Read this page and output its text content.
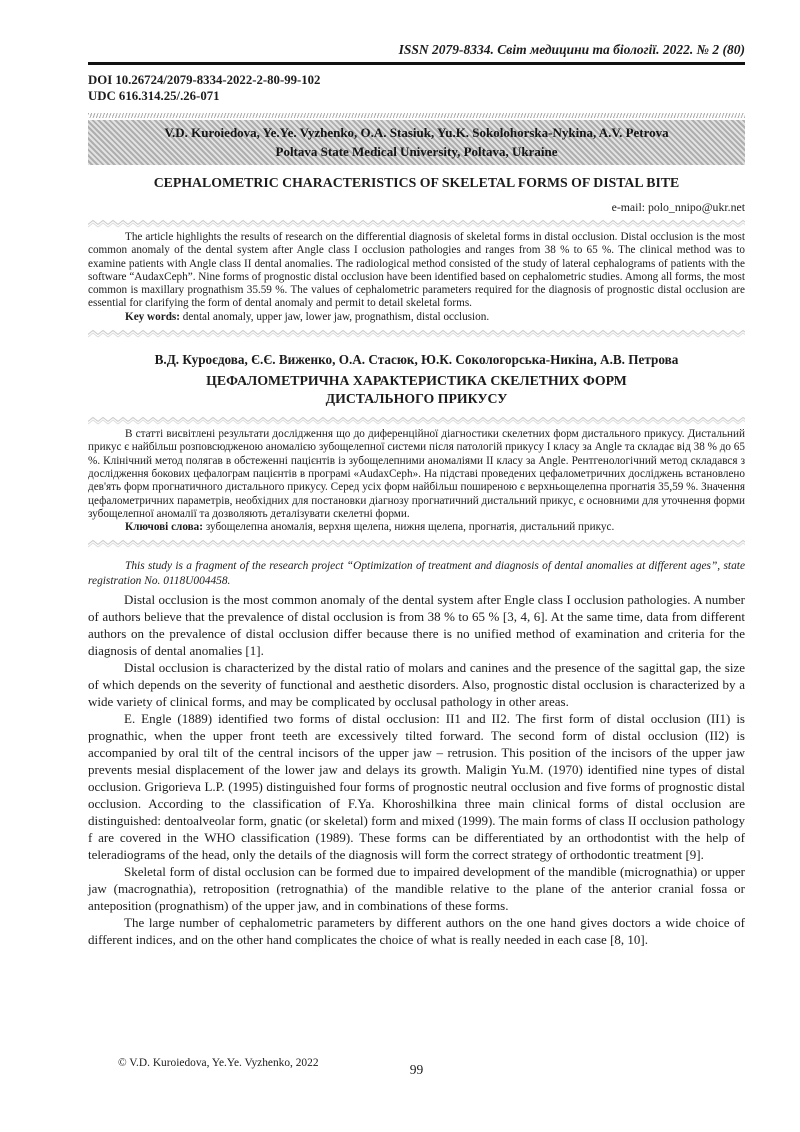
ISSN 2079-8334. Світ медицини та біології. 2022. № 2 (80)
DOI 10.26724/2079-8334-2022-2-80-99-102
UDC 616.314.25/.26-071
V.D. Kuroiedova, Ye.Ye. Vyzhenko, O.A. Stasiuk, Yu.K. Sokolohorska-Nykina, A.V. Petrova
Poltava State Medical University, Poltava, Ukraine
CEPHALOMETRIC CHARACTERISTICS OF SKELETAL FORMS OF DISTAL BITE
e-mail: polo_nnipo@ukr.net

The article highlights the results of research on the differential diagnosis of skeletal forms in distal occlusion. Distal occlusion is the most common anomaly of the dental system after Angle class I occlusion pathologies and ranges from 38 % to 65 %. The clinical method was to examine patients with Angle class II dental anomalies. The radiological method consisted of the study of lateral cephalograms of patients with the software “AudaxCeph”. Nine forms of prognostic distal occlusion have been identified based on cephalometric studies. Among all forms, the most common is maxillary prognathism 35.59 %. The values of cephalometric parameters required for the diagnosis of prognostic distal occlusion are essential for clarifying the form of dental anomaly and permit to detail skeletal forms.

Key words: dental anomaly, upper jaw, lower jaw, prognathism, distal occlusion.

В.Д. Куроєдова, Є.Є. Виженко, О.А. Стасюк, Ю.К. Сокологорська-Никіна, А.В. Петрова
ЦЕФАЛОМЕТРИЧНА ХАРАКТЕРИСТИКА СКЕЛЕТНИХ ФОРМ
ДИСТАЛЬНОГО ПРИКУСУ

В статті висвітлені результати дослідження що до диференційної діагностики скелетних форм дистального прикусу. Дистальний прикус є найбільш розповсюдженою аномалією зубощелепної системи після патологій прикусу I класу за Angle та складає від 38 % до 65 %. Клінічний метод полягав в обстеженні пацієнтів із зубощелепними аномаліями II класу за Angle. Рентгенологічний метод складався з дослідження бокових цефалограм пацієнтів в програмі «AudaxCeph». На підставі проведених цефалометричних досліджень встановлено дев'ять форм прогнатичного дистального прикусу. Серед усіх форм найбільш поширеною є верхньощелепна прогнатія 35,59 %. Значення цефалометричних параметрів, необхідних для постановки діагнозу прогнатичний дистальний прикус, є основними для уточнення форми зубощелепної аномалії та дозволяють деталізувати скелетні форми.

Ключові слова: зубощелепна аномалія, верхня щелепа, нижня щелепа, прогнатія, дистальний прикус.

This study is a fragment of the research project “Optimization of treatment and diagnosis of dental anomalies at different ages”, state registration No. 0118U004458.

Distal occlusion is the most common anomaly of the dental system after Engle class I occlusion pathologies. A number of authors believe that the prevalence of distal occlusion is from 38 % to 65 % [3, 4, 6]. At the same time, data from different authors on the prevalence of distal occlusion differ because there is no unified method of examination and criteria for the diagnosis of dental anomalies [1].

Distal occlusion is characterized by the distal ratio of molars and canines and the presence of the sagittal gap, the size of which depends on the severity of functional and aesthetic disorders. Also, prognostic distal occlusion is characterized by a wide variety of clinical forms, and may be complicated by occlusal pathology in other areas.

E. Engle (1889) identified two forms of distal occlusion: II1 and II2. The first form of distal occlusion (II1) is prognathic, when the upper front teeth are excessively tilted forward. The second form of distal occlusion (II2) is accompanied by oral tilt of the central incisors of the upper jaw – retrusion. This position of the incisors of the upper jaw prevents mesial displacement of the lower jaw and delays its growth. Maligin Yu.M. (1970) identified nine types of distal occlusion. Grigorieva L.P. (1995) distinguished four forms of prognostic neutral occlusion and five forms of prognostic distal occlusion. According to the classification of F.Ya. Khoroshilkina three main clinical forms of distal occlusion are distinguished: dentoalveolar form, gnatic (or skeletal) form and mixed (1999). The main forms of class II occlusion pathology f are covered in the WHO classification (1989). These forms can be differentiated by an orthodontist with the help of teleradiograms of the head, only the details of the diagnosis will form the correct strategy of orthodontic treatment [9].

Skeletal form of distal occlusion can be formed due to impaired development of the mandible (micrognathia) or upper jaw (macrognathia), retroposition (retrognathia) of the mandible relative to the plane of the anterior cranial fossa or anteposition (prognathism) of the upper jaw, and in combinations of these forms.

The large number of cephalometric parameters by different authors on the one hand gives doctors a wide choice of different indices, and on the other hand complicates the choice of what is really needed in each case [8, 10].

© V.D. Kuroiedova, Ye.Ye. Vyzhenko, 2022	99
